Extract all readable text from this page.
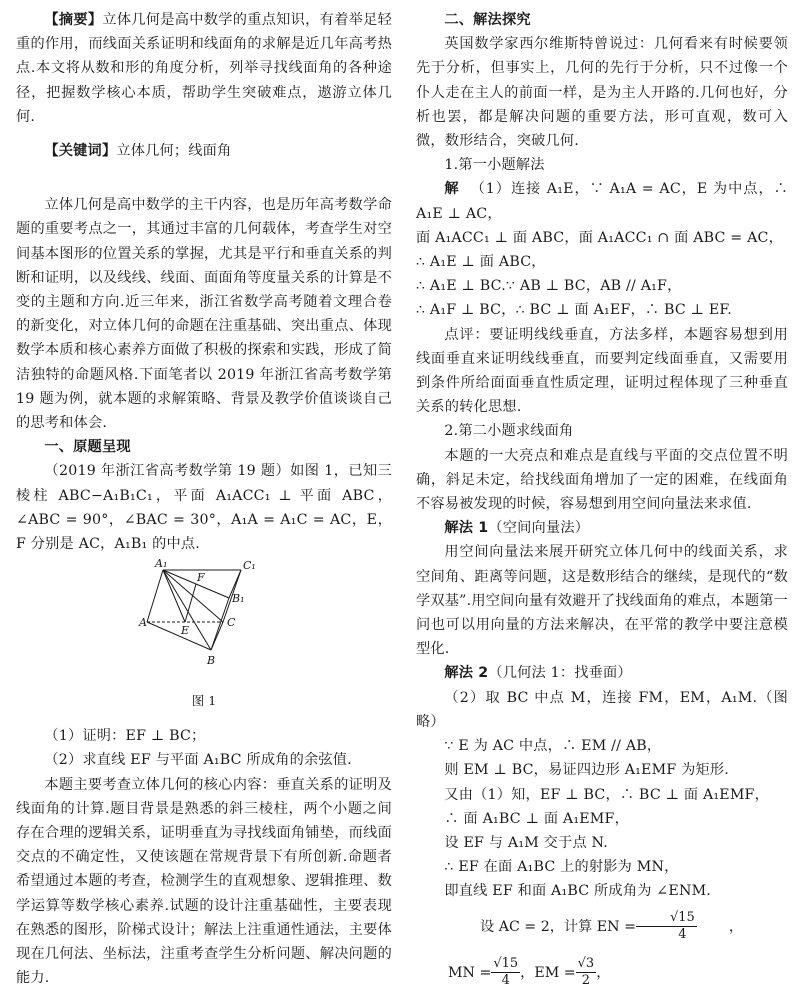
【摘要】立体几何是高中数学的重点知识，有着举足轻重的作用，而线面关系证明和线面角的求解是近几年高考热点.本文将从数和形的角度分析，列举寻找线面角的各种途径，把握数学核心本质，帮助学生突破难点，遨游立体几何.

【关键词】立体几何；线面角

立体几何是高中数学的主干内容，也是历年高考数学命题的重要考点之一，其通过丰富的几何载体，考查学生对空间基本图形的位置关系的掌握，尤其是平行和垂直关系的判断和证明，以及线线、线面、面面角等度量关系的计算是不变的主题和方向.近三年来，浙江省数学高考随着文理合卷的新变化，对立体几何的命题在注重基础、突出重点、体现数学本质和核心素养方面做了积极的探索和实践，形成了简洁独特的命题风格.下面笔者以 2019 年浙江省高考数学第 19 题为例，就本题的求解策略、背景及教学价值谈谈自己的思考和体会.

一、原题呈现

（2019 年浙江省高考数学第 19 题）如图 1，已知三棱柱 ABC−A₁B₁C₁，平面 A₁ACC₁ ⊥ 平面 ABC，∠ABC = 90°，∠BAC = 30°，A₁A = A₁C = AC，E，F 分别是 AC，A₁B₁ 的中点.

A₁	C₁
F
B₁
A
E
C
B
图 1

（1）证明：EF ⊥ BC；

（2）求直线 EF 与平面 A₁BC 所成角的余弦值.

本题主要考查立体几何的核心内容：垂直关系的证明及线面角的计算.题目背景是熟悉的斜三棱柱，两个小题之间存在合理的逻辑关系，证明垂直为寻找线面角铺垫，而线面交点的不确定性，又使该题在常规背景下有所创新.命题者希望通过本题的考查，检测学生的直观想象、逻辑推理、数学运算等数学核心素养.试题的设计注重基础性，主要表现在熟悉的图形，阶梯式设计；解法上注重通性通法，主要体现在几何法、坐标法，注重考查学生分析问题、解决问题的能力.

二、解法探究

英国数学家西尔维斯特曾说过：几何看来有时候要领先于分析，但事实上，几何的先行于分析，只不过像一个仆人走在主人的前面一样，是为主人开路的.几何也好，分析也罢，都是解决问题的重要方法，形可直观，数可入微，数形结合，突破几何.

1.第一小题解法

解 （1）连接 A₁E，∵ A₁A = AC，E 为中点，∴ A₁E ⊥ AC，

面 A₁ACC₁ ⊥ 面 ABC，面 A₁ACC₁ ∩ 面 ABC = AC，

∴ A₁E ⊥ 面 ABC，

∴ A₁E ⊥ BC.∵ AB ⊥ BC，AB // A₁F，

∴ A₁F ⊥ BC，∴ BC ⊥ 面 A₁EF，∴ BC ⊥ EF.

点评：要证明线线垂直，方法多样，本题容易想到用线面垂直来证明线线垂直，而要判定线面垂直，又需要用到条件所给面面垂直性质定理，证明过程体现了三种垂直关系的转化思想.

2.第二小题求线面角

本题的一大亮点和难点是直线与平面的交点位置不明确，斜足未定，给找线面角增加了一定的困难，在线面角不容易被发现的时候，容易想到用空间向量法来求值.

解法 1（空间向量法）

用空间向量法来展开研究立体几何中的线面关系，求空间角、距离等问题，这是数形结合的继续，是现代的“数学双基”.用空间向量有效避开了找线面角的难点，本题第一问也可以用向量的方法来解决，在平常的教学中要注意模型化.

解法 2（几何法 1：找垂面）

（2）取 BC 中点 M，连接 FM，EM，A₁M.（图略）

∵ E 为 AC 中点，∴ EM // AB，

则 EM ⊥ BC，易证四边形 A₁EMF 为矩形.

又由（1）知，EF ⊥ BC，∴ BC ⊥ 面 A₁EMF，

∴ 面 A₁BC ⊥ 面 A₁EMF，

设 EF 与 A₁M 交于点 N.

∴ EF 在面 A₁BC 上的射影为 MN，

即直线 EF 和面 A₁BC 所成角为 ∠ENM.

设 AC = 2，计算 EN = $\frac{√15}{4}$	，
MN = $\frac{√15}{4}$ ，EM = $\frac{√3}{2}$ ，
